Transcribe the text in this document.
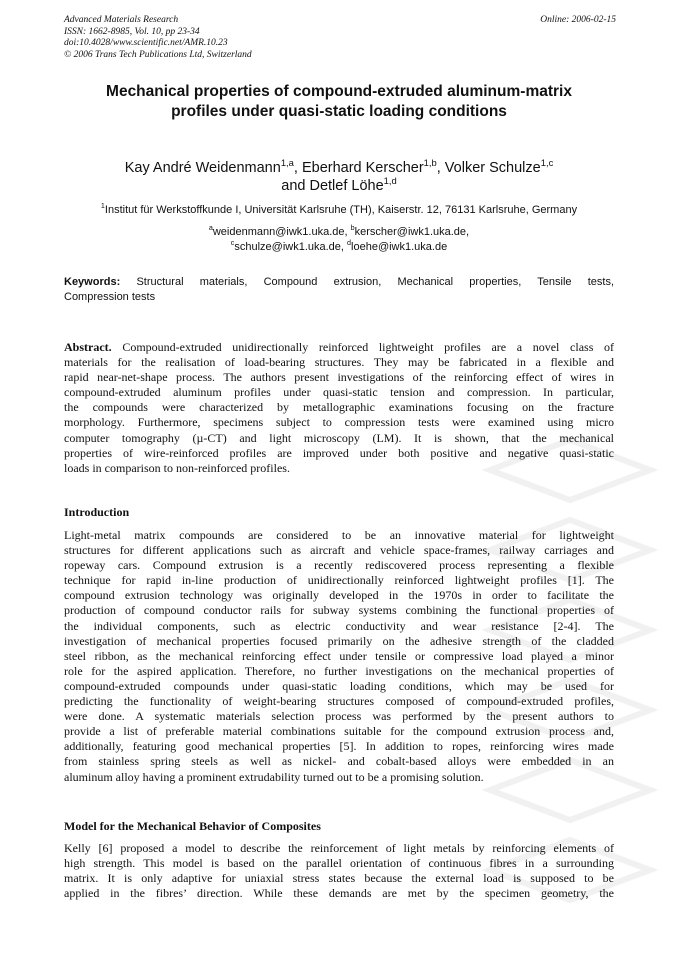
Advanced Materials Research
ISSN: 1662-8985, Vol. 10, pp 23-34
doi:10.4028/www.scientific.net/AMR.10.23
© 2006 Trans Tech Publications Ltd, Switzerland
Online: 2006-02-15
Mechanical properties of compound-extruded aluminum-matrix
profiles under quasi-static loading conditions
Kay André Weidenmann$^{1,a}$, Eberhard Kerscher$^{1,b}$, Volker Schulze$^{1,c}$
and Detlef Löhe$^{1,d}$
$^1$Institut für Werkstoffkunde I, Universität Karlsruhe (TH), Kaiserstr. 12, 76131 Karlsruhe, Germany
$^a$weidenmann@iwk1.uka.de, $^b$kerscher@iwk1.uka.de,
$^c$schulze@iwk1.uka.de, $^d$loehe@iwk1.uka.de
Keywords: Structural materials, Compound extrusion, Mechanical properties, Tensile tests,
Compression tests
Abstract. Compound-extruded unidirectionally reinforced lightweight profiles are a novel class of
materials for the realisation of load-bearing structures. They may be fabricated in a flexible and
rapid near-net-shape process. The authors present investigations of the reinforcing effect of wires in
compound-extruded aluminum profiles under quasi-static tension and compression. In particular,
the compounds were characterized by metallographic examinations focusing on the fracture
morphology. Furthermore, specimens subject to compression tests were examined using micro
computer tomography (µ-CT) and light microscopy (LM). It is shown, that the mechanical
properties of wire-reinforced profiles are improved under both positive and negative quasi-static
loads in comparison to non-reinforced profiles.
Introduction
Light-metal matrix compounds are considered to be an innovative material for lightweight
structures for different applications such as aircraft and vehicle space-frames, railway carriages and
ropeway cars. Compound extrusion is a recently rediscovered process representing a flexible
technique for rapid in-line production of unidirectionally reinforced lightweight profiles [1]. The
compound extrusion technology was originally developed in the 1970s in order to facilitate the
production of compound conductor rails for subway systems combining the functional properties of
the individual components, such as electric conductivity and wear resistance [2-4]. The
investigation of mechanical properties focused primarily on the adhesive strength of the cladded
steel ribbon, as the mechanical reinforcing effect under tensile or compressive load played a minor
role for the aspired application. Therefore, no further investigations on the mechanical properties of
compound-extruded compounds under quasi-static loading conditions, which may be used for
predicting the functionality of weight-bearing structures composed of compound-extruded profiles,
were done. A systematic materials selection process was performed by the present authors to
provide a list of preferable material combinations suitable for the compound extrusion process and,
additionally, featuring good mechanical properties [5]. In addition to ropes, reinforcing wires made
from stainless spring steels as well as nickel- and cobalt-based alloys were embedded in an
aluminum alloy having a prominent extrudability turned out to be a promising solution.
Model for the Mechanical Behavior of Composites
Kelly [6] proposed a model to describe the reinforcement of light metals by reinforcing elements of
high strength. This model is based on the parallel orientation of continuous fibres in a surrounding
matrix. It is only adaptive for uniaxial stress states because the external load is supposed to be
applied in the fibres’ direction. While these demands are met by the specimen geometry, the
